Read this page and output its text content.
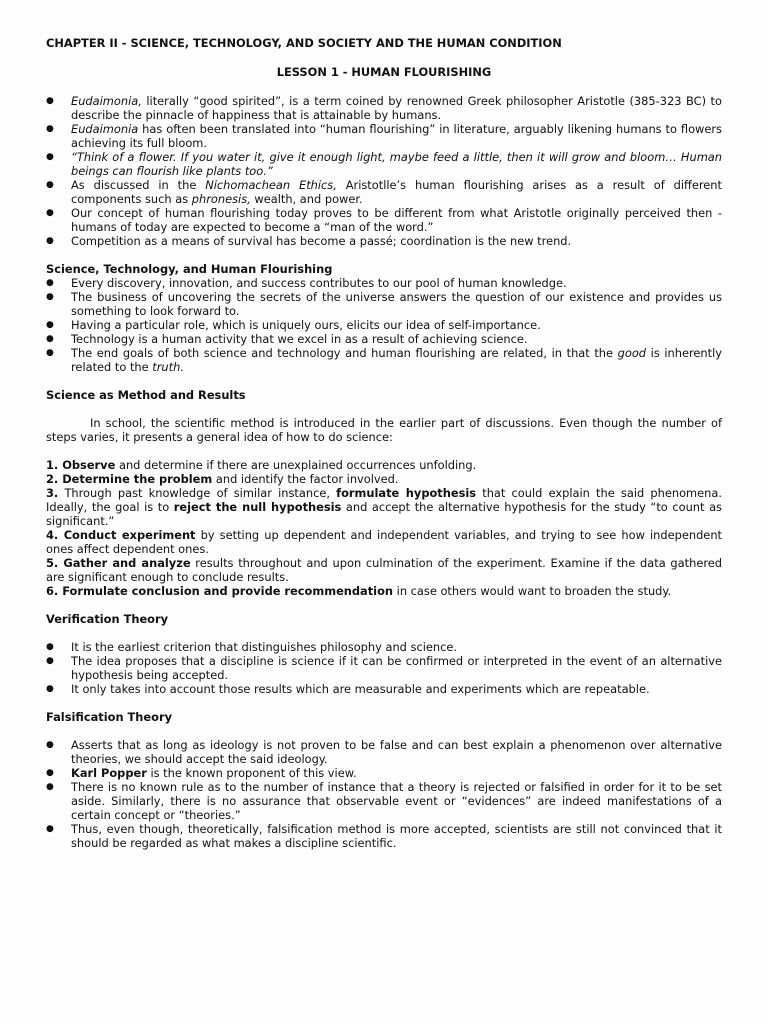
CHAPTER II - SCIENCE, TECHNOLOGY, AND SOCIETY AND THE HUMAN CONDITION

LESSON 1 - HUMAN FLOURISHING

● Eudaimonia, literally “good spirited”, is a term coined by renowned Greek philosopher Aristotle (385-323 BC) to describe the pinnacle of happiness that is attainable by humans.
● Eudaimonia has often been translated into “human flourishing” in literature, arguably likening humans to flowers achieving its full bloom.
● “Think of a flower. If you water it, give it enough light, maybe feed a little, then it will grow and bloom… Human beings can flourish like plants too.”
● As discussed in the Nichomachean Ethics, Aristotlle’s human flourishing arises as a result of different components such as phronesis, wealth, and power.
● Our concept of human flourishing today proves to be different from what Aristotle originally perceived then - humans of today are expected to become a “man of the word.”
● Competition as a means of survival has become a passé; coordination is the new trend.
Science, Technology, and Human Flourishing
● Every discovery, innovation, and success contributes to our pool of human knowledge.
● The business of uncovering the secrets of the universe answers the question of our existence and provides us something to look forward to.
● Having a particular role, which is uniquely ours, elicits our idea of self-importance.
● Technology is a human activity that we excel in as a result of achieving science.
● The end goals of both science and technology and human flourishing are related, in that the good is inherently related to the truth.
Science as Method and Results

In school, the scientific method is introduced in the earlier part of discussions. Even though the number of steps varies, it presents a general idea of how to do science:

1. Observe and determine if there are unexplained occurrences unfolding.

2. Determine the problem and identify the factor involved.

3. Through past knowledge of similar instance, formulate hypothesis that could explain the said phenomena. Ideally, the goal is to reject the null hypothesis and accept the alternative hypothesis for the study “to count as significant.”

4. Conduct experiment by setting up dependent and independent variables, and trying to see how independent ones affect dependent ones.

5. Gather and analyze results throughout and upon culmination of the experiment. Examine if the data gathered are significant enough to conclude results.

6. Formulate conclusion and provide recommendation in case others would want to broaden the study.

Verification Theory
● It is the earliest criterion that distinguishes philosophy and science.
● The idea proposes that a discipline is science if it can be confirmed or interpreted in the event of an alternative hypothesis being accepted.
● It only takes into account those results which are measurable and experiments which are repeatable.
Falsification Theory
● Asserts that as long as ideology is not proven to be false and can best explain a phenomenon over alternative theories, we should accept the said ideology.
● Karl Popper is the known proponent of this view.
● There is no known rule as to the number of instance that a theory is rejected or falsified in order for it to be set aside. Similarly, there is no assurance that observable event or “evidences” are indeed manifestations of a certain concept or “theories.”
● Thus, even though, theoretically, falsification method is more accepted, scientists are still not convinced that it should be regarded as what makes a discipline scientific.
